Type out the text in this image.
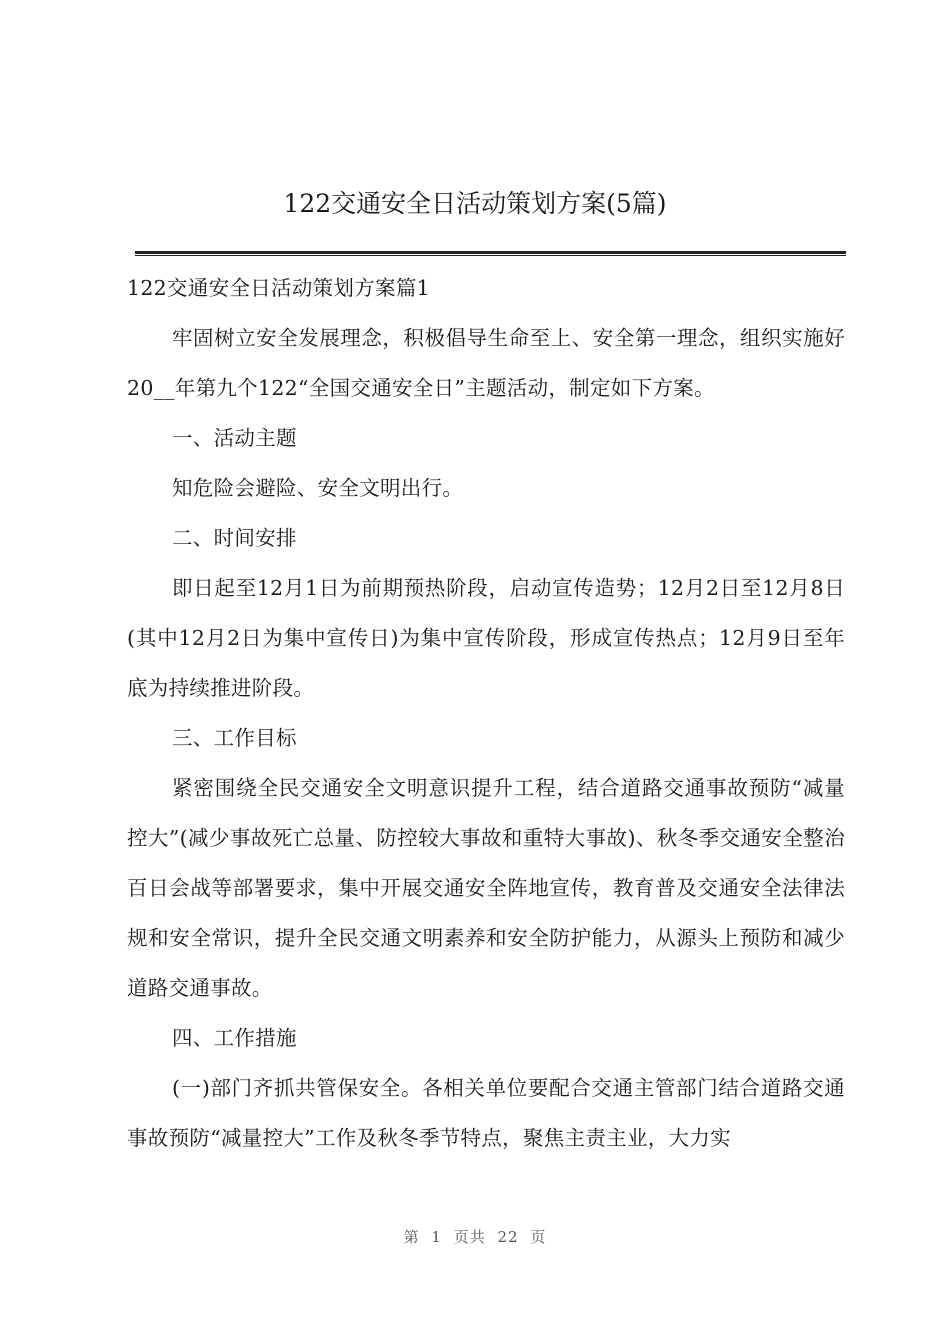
122交通安全日活动策划方案(5篇)

122交通安全日活动策划方案篇1

牢固树立安全发展理念，积极倡导生命至上、安全第一理念，组织实施好20__年第九个122“全国交通安全日”主题活动，制定如下方案。

一、活动主题

知危险会避险、安全文明出行。

二、时间安排

即日起至12月1日为前期预热阶段，启动宣传造势；12月2日至12月8日(其中12月2日为集中宣传日)为集中宣传阶段，形成宣传热点；12月9日至年底为持续推进阶段。

三、工作目标

紧密围绕全民交通安全文明意识提升工程，结合道路交通事故预防“减量控大”(减少事故死亡总量、防控较大事故和重特大事故)、秋冬季交通安全整治百日会战等部署要求，集中开展交通安全阵地宣传，教育普及交通安全法律法规和安全常识，提升全民交通文明素养和安全防护能力，从源头上预防和减少道路交通事故。

四、工作措施

(一)部门齐抓共管保安全。各相关单位要配合交通主管部门结合道路交通事故预防“减量控大”工作及秋冬季节特点，聚焦主责主业，大力实

第 1 页共 22 页
